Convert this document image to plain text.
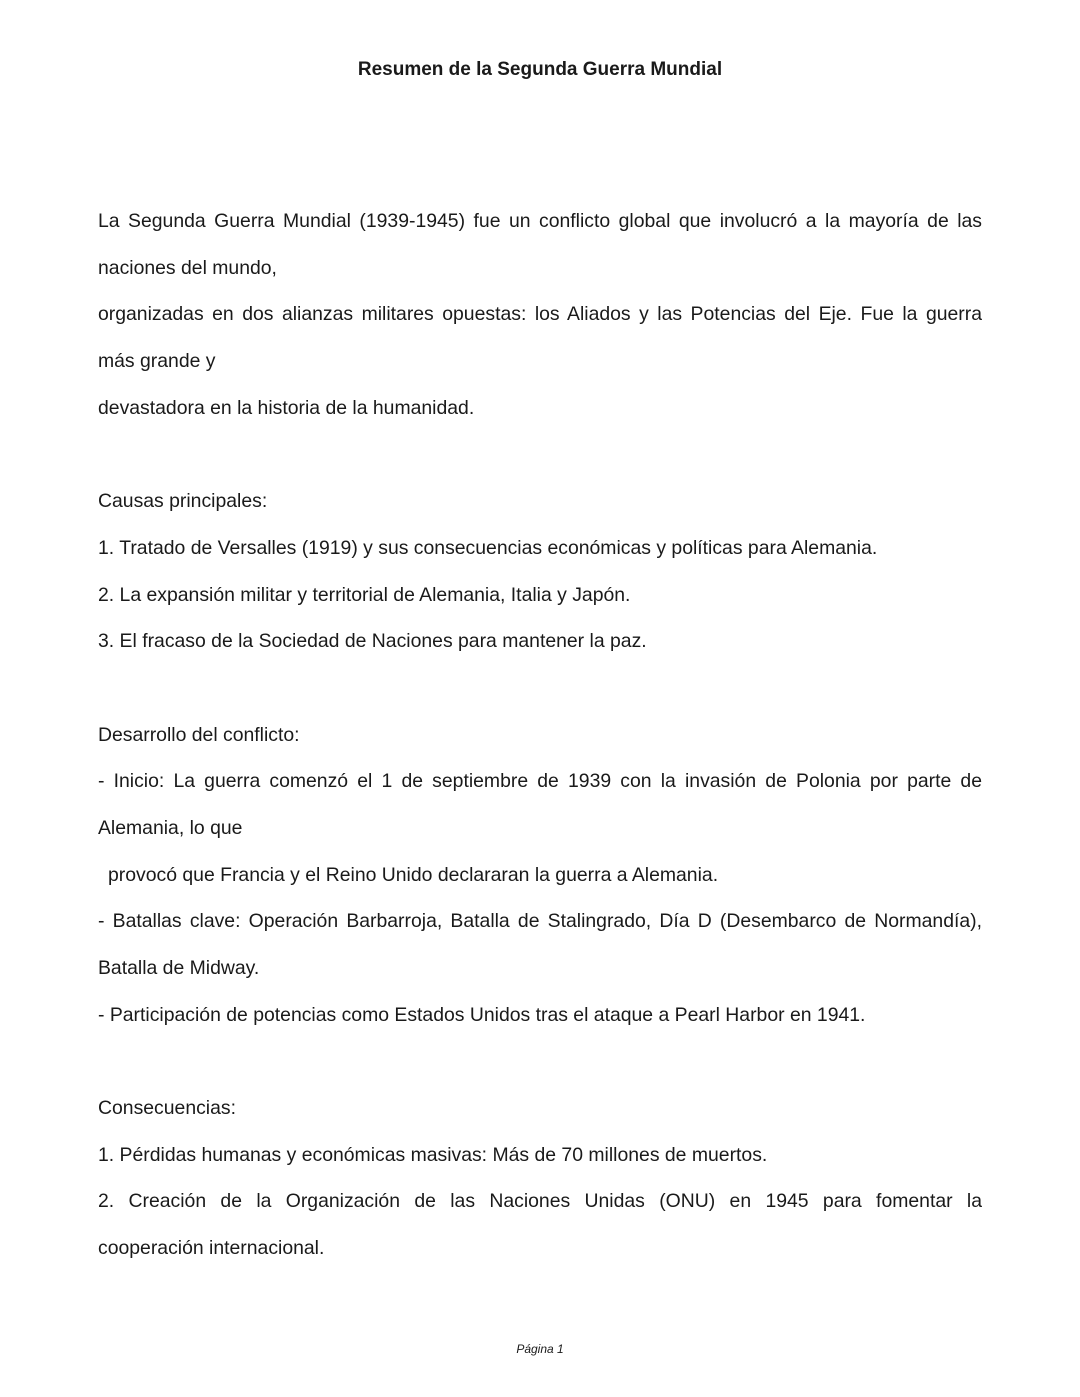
Resumen de la Segunda Guerra Mundial
La Segunda Guerra Mundial (1939-1945) fue un conflicto global que involucró a la mayoría de las
naciones del mundo,
organizadas en dos alianzas militares opuestas: los Aliados y las Potencias del Eje. Fue la guerra
más grande y
devastadora en la historia de la humanidad.
Causas principales:
1. Tratado de Versalles (1919) y sus consecuencias económicas y políticas para Alemania.
2. La expansión militar y territorial de Alemania, Italia y Japón.
3. El fracaso de la Sociedad de Naciones para mantener la paz.
Desarrollo del conflicto:
- Inicio: La guerra comenzó el 1 de septiembre de 1939 con la invasión de Polonia por parte de
Alemania, lo que
provocó que Francia y el Reino Unido declararan la guerra a Alemania.
- Batallas clave: Operación Barbarroja, Batalla de Stalingrado, Día D (Desembarco de Normandía),
Batalla de Midway.
- Participación de potencias como Estados Unidos tras el ataque a Pearl Harbor en 1941.
Consecuencias:
1. Pérdidas humanas y económicas masivas: Más de 70 millones de muertos.
2. Creación de la Organización de las Naciones Unidas (ONU) en 1945 para fomentar la
cooperación internacional.
Página 1
